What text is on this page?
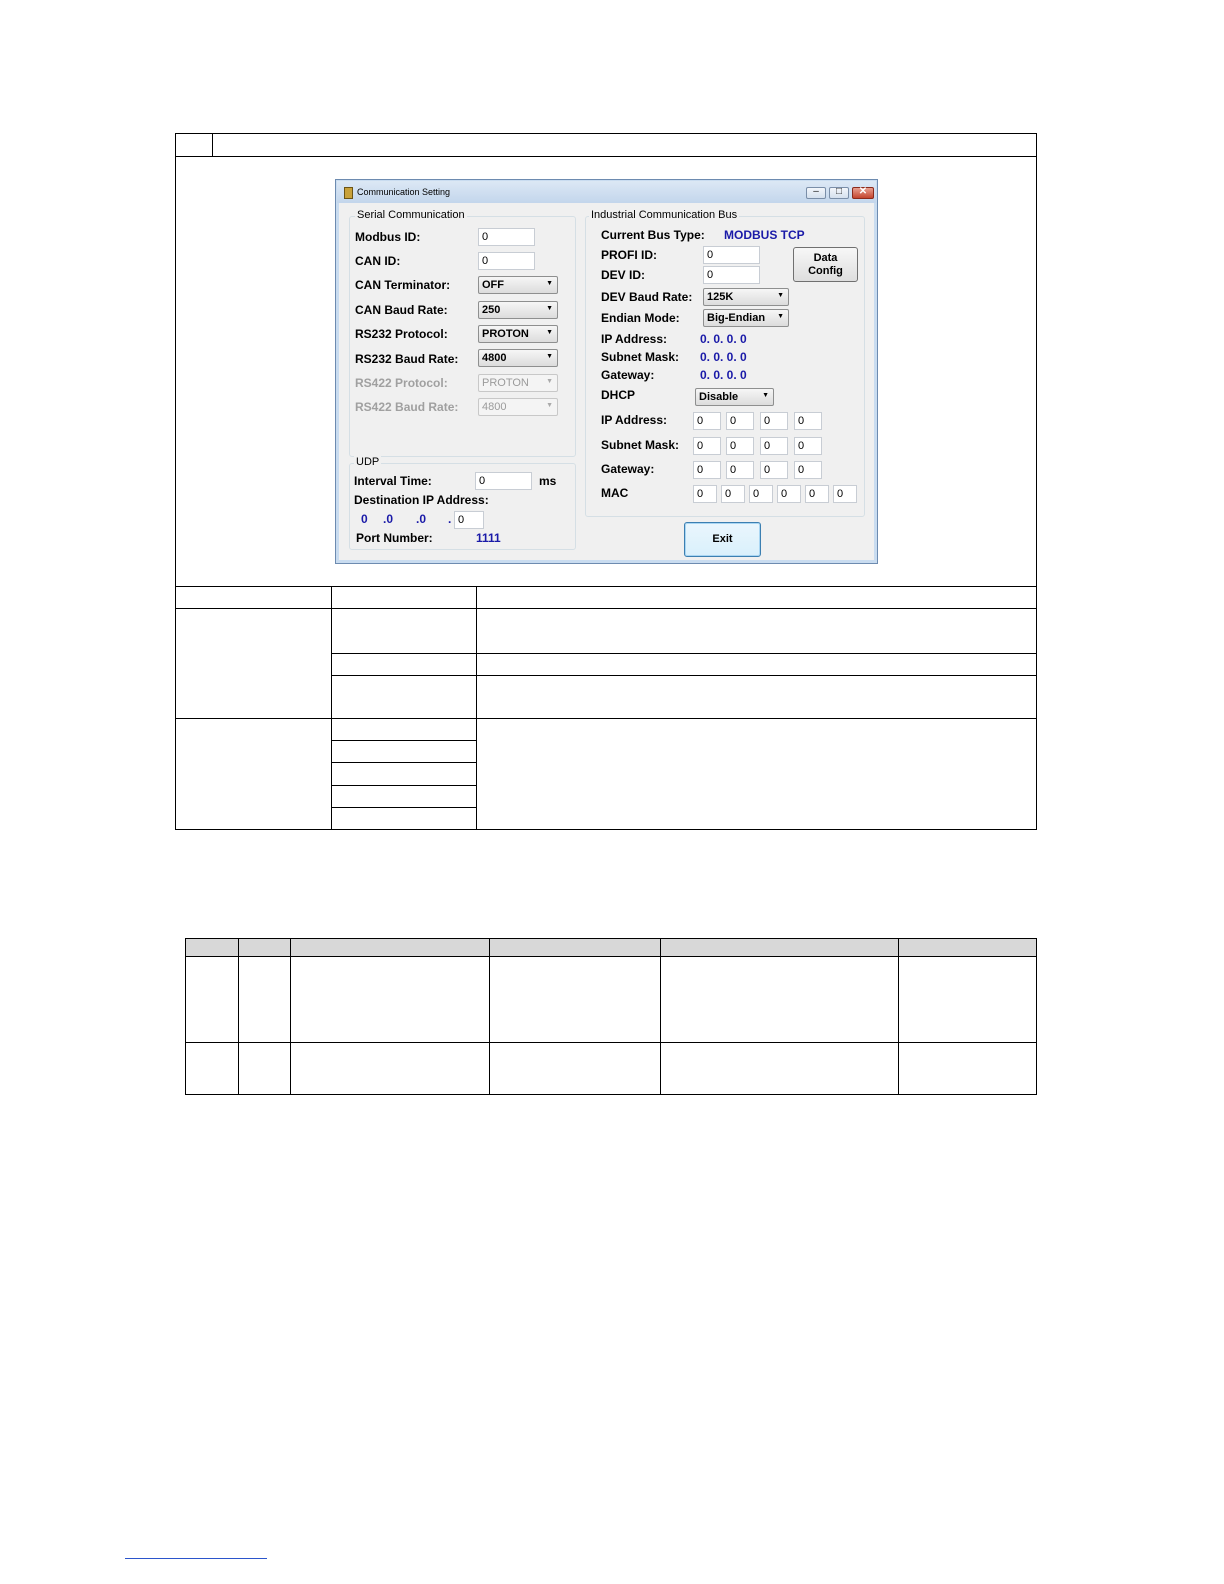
Communication Setting	–	□	✕
Serial Communication
Modbus ID:	0
CAN ID:	0
CAN Terminator:	OFF	▼
CAN Baud Rate:	250	▼
RS232 Protocol:	PROTON ▼
RS232 Baud Rate:	4800	▼
RS422 Protocol:	PROTON ▼
RS422 Baud Rate:	4800	▼
UDP
Interval Time:	0	ms
Destination IP Address:
0 .0 .0 . 0
Port Number:	1111
Industrial Communication Bus
Current Bus Type: MODBUS TCP
PROFI ID:	0
DEV ID:	0
Data
Config
DEV Baud Rate:	125K	▼
Endian Mode:	Big-Endian ▼
IP Address:	0. 0. 0. 0
Subnet Mask: 0. 0. 0. 0
Gateway:	0. 0. 0. 0
DHCP	Disable	▼
IP Address:	0	0	0	0
Subnet Mask:	0	0	0	0
Gateway:	0	0	0	0
MAC	0	0	0	0	0	0
Exit
